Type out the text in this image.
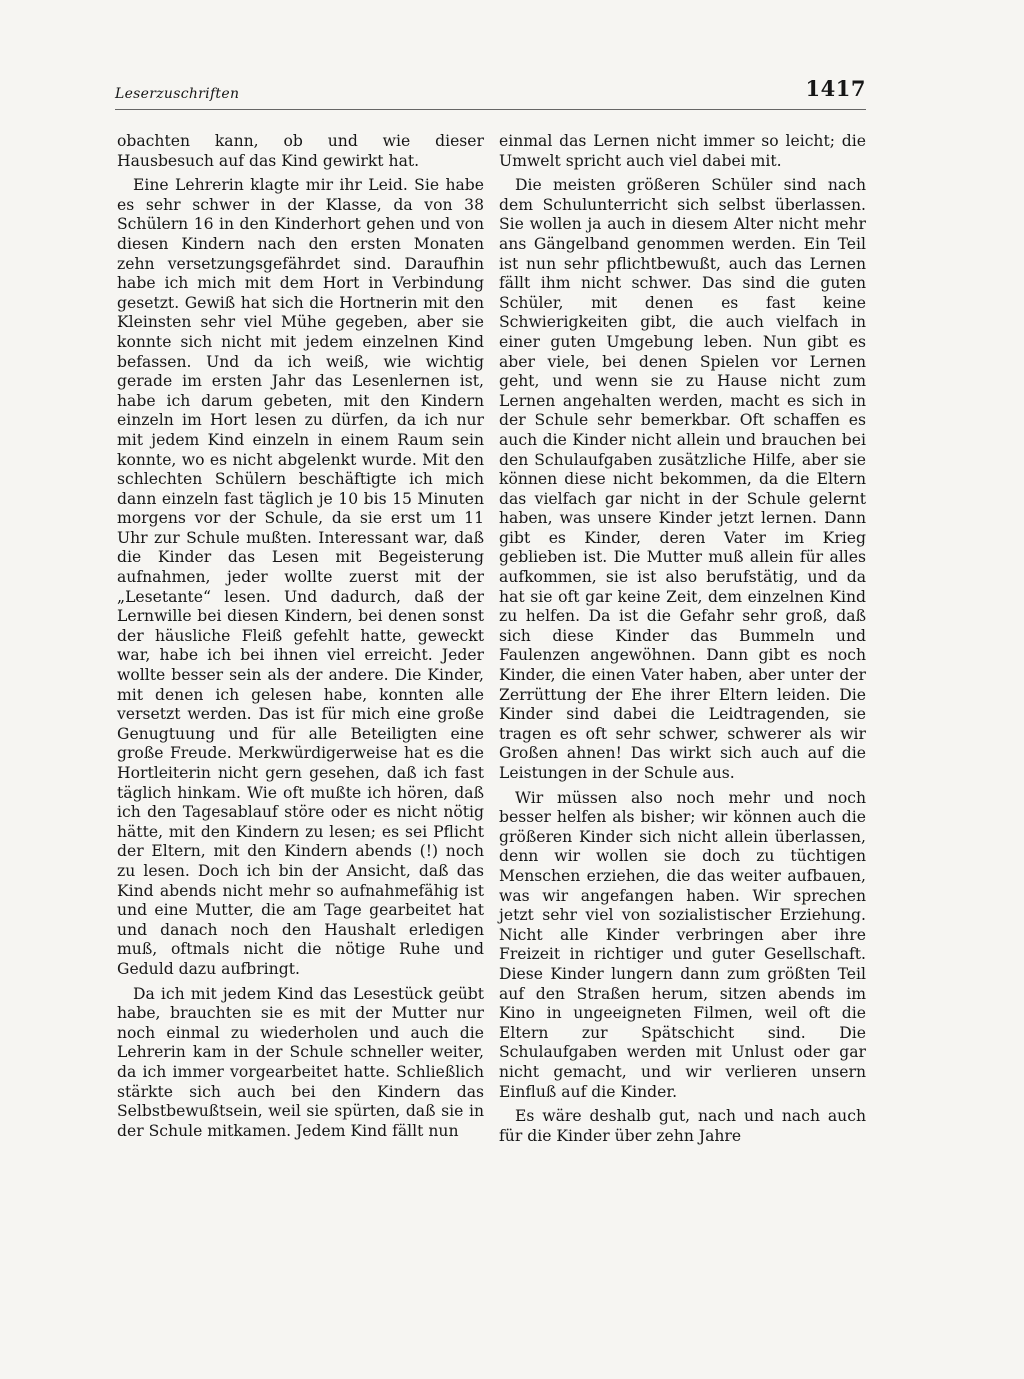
Leserzuschriften	1417

obachten kann, ob und wie dieser Hausbesuch auf das Kind gewirkt hat.

Eine Lehrerin klagte mir ihr Leid. Sie habe es sehr schwer in der Klasse, da von 38 Schülern 16 in den Kinderhort gehen und von diesen Kindern nach den ersten Monaten zehn versetzungsgefährdet sind. Daraufhin habe ich mich mit dem Hort in Verbindung gesetzt. Gewiß hat sich die Hortnerin mit den Kleinsten sehr viel Mühe gegeben, aber sie konnte sich nicht mit jedem einzelnen Kind befassen. Und da ich weiß, wie wichtig gerade im ersten Jahr das Lesenlernen ist, habe ich darum gebeten, mit den Kindern einzeln im Hort lesen zu dürfen, da ich nur mit jedem Kind einzeln in einem Raum sein konnte, wo es nicht abgelenkt wurde. Mit den schlechten Schülern beschäftigte ich mich dann einzeln fast täglich je 10 bis 15 Minuten morgens vor der Schule, da sie erst um 11 Uhr zur Schule mußten. Interessant war, daß die Kinder das Lesen mit Begeisterung aufnahmen, jeder wollte zuerst mit der „Lesetante“ lesen. Und dadurch, daß der Lernwille bei diesen Kindern, bei denen sonst der häusliche Fleiß gefehlt hatte, geweckt war, habe ich bei ihnen viel erreicht. Jeder wollte besser sein als der andere. Die Kinder, mit denen ich gelesen habe, konnten alle versetzt werden. Das ist für mich eine große Genugtuung und für alle Beteiligten eine große Freude. Merkwürdigerweise hat es die Hortleiterin nicht gern gesehen, daß ich fast täglich hinkam. Wie oft mußte ich hören, daß ich den Tagesablauf störe oder es nicht nötig hätte, mit den Kindern zu lesen; es sei Pflicht der Eltern, mit den Kindern abends (!) noch zu lesen. Doch ich bin der Ansicht, daß das Kind abends nicht mehr so aufnahmefähig ist und eine Mutter, die am Tage gearbeitet hat und danach noch den Haushalt erledigen muß, oftmals nicht die nötige Ruhe und Geduld dazu aufbringt.

Da ich mit jedem Kind das Lesestück geübt habe, brauchten sie es mit der Mutter nur noch einmal zu wiederholen und auch die Lehrerin kam in der Schule schneller weiter, da ich immer vorgearbeitet hatte. Schließlich stärkte sich auch bei den Kindern das Selbstbewußtsein, weil sie spürten, daß sie in der Schule mitkamen. Jedem Kind fällt nun

einmal das Lernen nicht immer so leicht; die Umwelt spricht auch viel dabei mit.

Die meisten größeren Schüler sind nach dem Schulunterricht sich selbst überlassen. Sie wollen ja auch in diesem Alter nicht mehr ans Gängelband genommen werden. Ein Teil ist nun sehr pflichtbewußt, auch das Lernen fällt ihm nicht schwer. Das sind die guten Schüler, mit denen es fast keine Schwierigkeiten gibt, die auch vielfach in einer guten Umgebung leben. Nun gibt es aber viele, bei denen Spielen vor Lernen geht, und wenn sie zu Hause nicht zum Lernen angehalten werden, macht es sich in der Schule sehr bemerkbar. Oft schaffen es auch die Kinder nicht allein und brauchen bei den Schulaufgaben zusätzliche Hilfe, aber sie können diese nicht bekommen, da die Eltern das vielfach gar nicht in der Schule gelernt haben, was unsere Kinder jetzt lernen. Dann gibt es Kinder, deren Vater im Krieg geblieben ist. Die Mutter muß allein für alles aufkommen, sie ist also berufstätig, und da hat sie oft gar keine Zeit, dem einzelnen Kind zu helfen. Da ist die Gefahr sehr groß, daß sich diese Kinder das Bummeln und Faulenzen angewöhnen. Dann gibt es noch Kinder, die einen Vater haben, aber unter der Zerrüttung der Ehe ihrer Eltern leiden. Die Kinder sind dabei die Leidtragenden, sie tragen es oft sehr schwer, schwerer als wir Großen ahnen! Das wirkt sich auch auf die Leistungen in der Schule aus.

Wir müssen also noch mehr und noch besser helfen als bisher; wir können auch die größeren Kinder sich nicht allein überlassen, denn wir wollen sie doch zu tüchtigen Menschen erziehen, die das weiter aufbauen, was wir angefangen haben. Wir sprechen jetzt sehr viel von sozialistischer Erziehung. Nicht alle Kinder verbringen aber ihre Freizeit in richtiger und guter Gesellschaft. Diese Kinder lungern dann zum größten Teil auf den Straßen herum, sitzen abends im Kino in ungeeigneten Filmen, weil oft die Eltern zur Spätschicht sind. Die Schulaufgaben werden mit Unlust oder gar nicht gemacht, und wir verlieren unsern Einfluß auf die Kinder.

Es wäre deshalb gut, nach und nach auch für die Kinder über zehn Jahre
